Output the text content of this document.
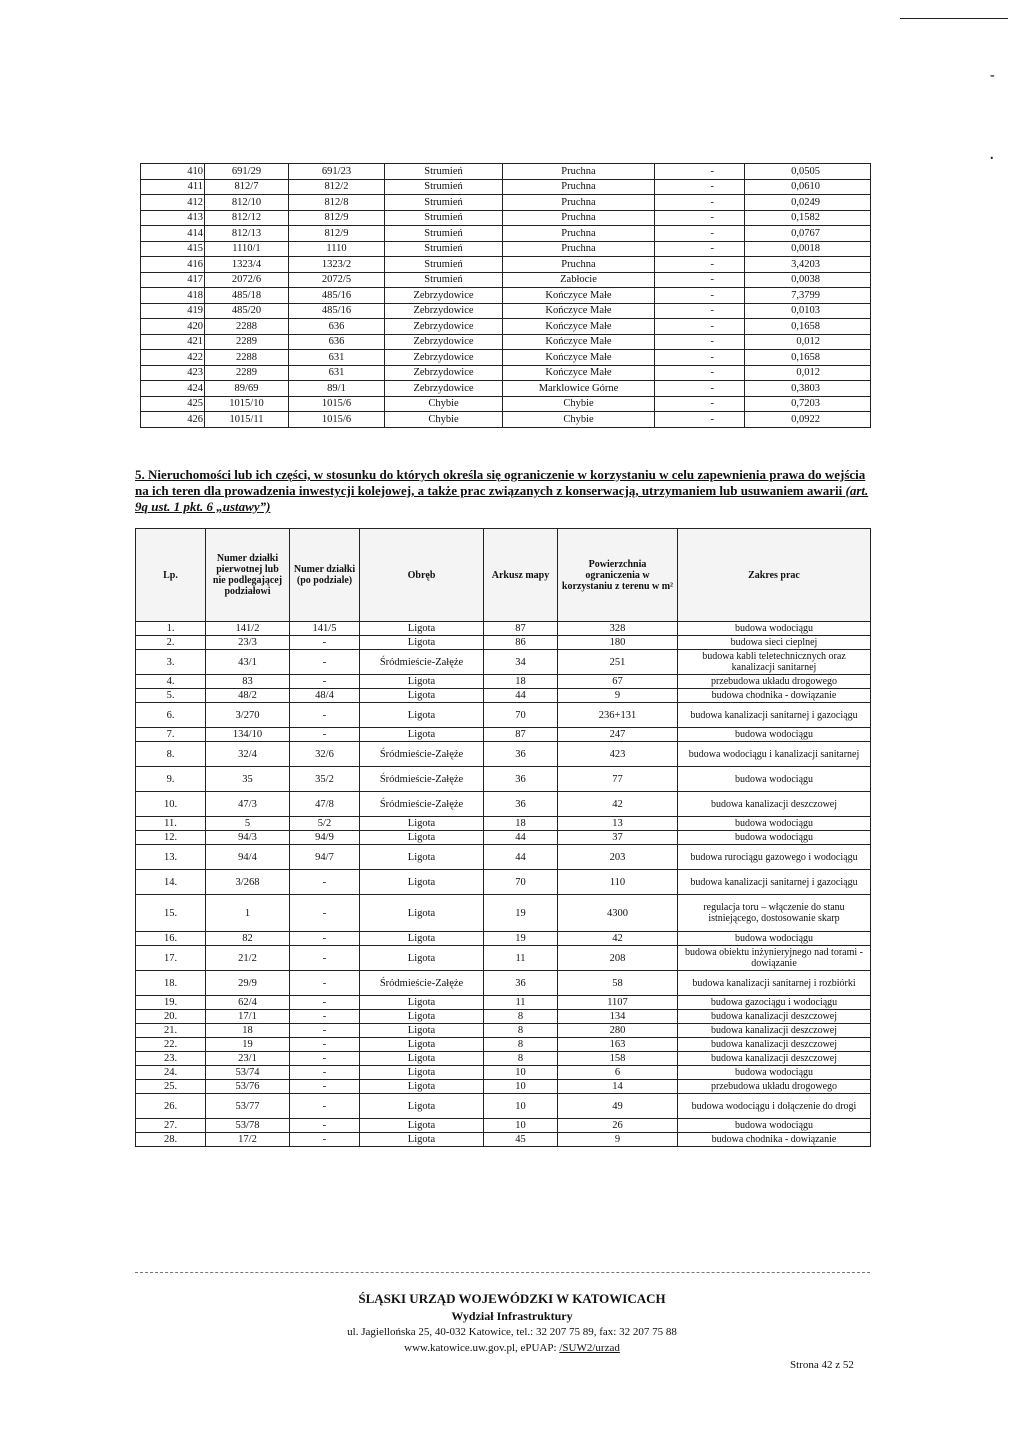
-
.
410	691/29	691/23	Strumień	Pruchna	-	0,0505
411	812/7	812/2	Strumień	Pruchna	-	0,0610
412	812/10	812/8	Strumień	Pruchna	-	0,0249
413	812/12	812/9	Strumień	Pruchna	-	0,1582
414	812/13	812/9	Strumień	Pruchna	-	0,0767
415	1110/1	1110	Strumień	Pruchna	-	0,0018
416	1323/4	1323/2	Strumień	Pruchna	-	3,4203
417	2072/6	2072/5	Strumień	Zabłocie	-	0,0038
418	485/18	485/16	Zebrzydowice	Kończyce Małe	-	7,3799
419	485/20	485/16	Zebrzydowice	Kończyce Małe	-	0,0103
420	2288	636	Zebrzydowice	Kończyce Małe	-	0,1658
421	2289	636	Zebrzydowice	Kończyce Małe	-	0,012
422	2288	631	Zebrzydowice	Kończyce Małe	-	0,1658
423	2289	631	Zebrzydowice	Kończyce Małe	-	0,012
424	89/69	89/1	Zebrzydowice	Marklowice Górne	-	0,3803
425	1015/10	1015/6	Chybie	Chybie	-	0,7203
426	1015/11	1015/6	Chybie	Chybie	-	0,0922
5. Nieruchomości lub ich części, w stosunku do których określa się ograniczenie w korzystaniu w celu zapewnienia prawa do wejścia na ich teren dla prowadzenia inwestycji kolejowej, a także prac związanych z konserwacją, utrzymaniem lub usuwaniem awarii (art. 9q ust. 1 pkt. 6 „ustawy”)
Lp.	Numer działki pierwotnej lub nie podlegającej podziałowi	Numer działki (po podziale)	Obręb	Arkusz mapy	Powierzchnia ograniczenia w korzystaniu z terenu w m²	Zakres prac
1.	141/2	141/5	Ligota	87	328	budowa wodociągu
2.	23/3	-	Ligota	86	180	budowa sieci cieplnej
3.	43/1	-	Śródmieście-Załęże	34	251	budowa kabli teletechnicznych oraz kanalizacji sanitarnej
4.	83	-	Ligota	18	67	przebudowa układu drogowego
5.	48/2	48/4	Ligota	44	9	budowa chodnika - dowiązanie
6.	3/270	-	Ligota	70	236+131	budowa kanalizacji sanitarnej i gazociągu
7.	134/10	-	Ligota	87	247	budowa wodociągu
8.	32/4	32/6	Śródmieście-Załęże	36	423	budowa wodociągu i kanalizacji sanitarnej
9.	35	35/2	Śródmieście-Załęże	36	77	budowa wodociągu
10.	47/3	47/8	Śródmieście-Załęże	36	42	budowa kanalizacji deszczowej
11.	5	5/2	Ligota	18	13	budowa wodociągu
12.	94/3	94/9	Ligota	44	37	budowa wodociągu
13.	94/4	94/7	Ligota	44	203	budowa rurociągu gazowego i wodociągu
14.	3/268	-	Ligota	70	110	budowa kanalizacji sanitarnej i gazociągu
15.	1	-	Ligota	19	4300	regulacja toru – włączenie do stanu istniejącego, dostosowanie skarp
16.	82	-	Ligota	19	42	budowa wodociągu
17.	21/2	-	Ligota	11	208	budowa obiektu inżynieryjnego nad torami - dowiązanie
18.	29/9	-	Śródmieście-Załęże	36	58	budowa kanalizacji sanitarnej i rozbiórki
19.	62/4	-	Ligota	11	1107	budowa gazociągu i wodociągu
20.	17/1	-	Ligota	8	134	budowa kanalizacji deszczowej
21.	18	-	Ligota	8	280	budowa kanalizacji deszczowej
22.	19	-	Ligota	8	163	budowa kanalizacji deszczowej
23.	23/1	-	Ligota	8	158	budowa kanalizacji deszczowej
24.	53/74	-	Ligota	10	6	budowa wodociągu
25.	53/76	-	Ligota	10	14	przebudowa układu drogowego
26.	53/77	-	Ligota	10	49	budowa wodociągu i dołączenie do drogi
27.	53/78	-	Ligota	10	26	budowa wodociągu
28.	17/2	-	Ligota	45	9	budowa chodnika - dowiązanie
ŚLĄSKI URZĄD WOJEWÓDZKI W KATOWICACH
Wydział Infrastruktury
ul. Jagiellońska 25, 40-032 Katowice, tel.: 32 207 75 89, fax: 32 207 75 88
www.katowice.uw.gov.pl, ePUAP: /SUW2/urzad
Strona 42 z 52
